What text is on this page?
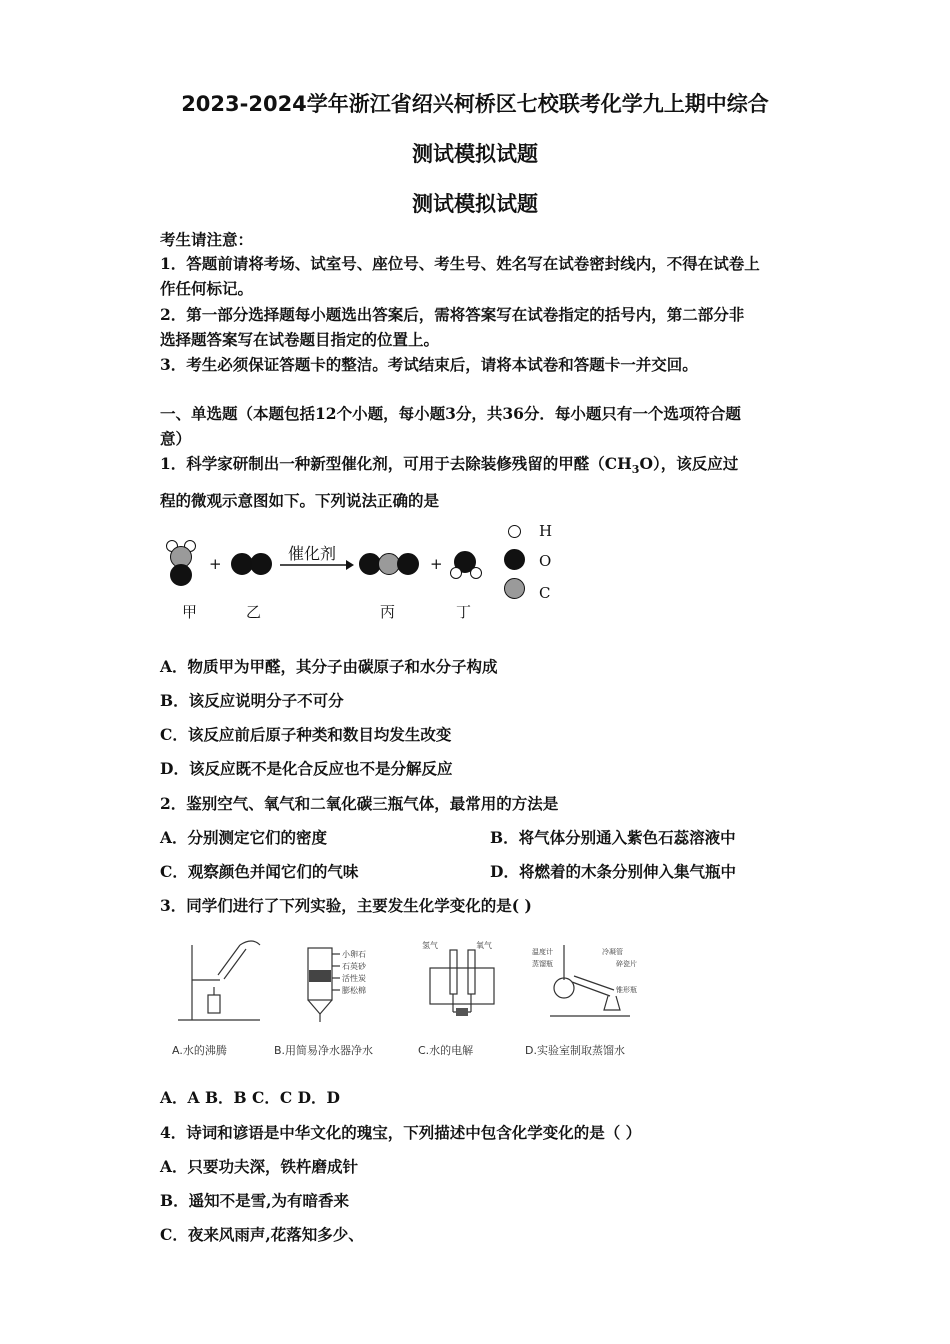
2023-2024学年浙江省绍兴柯桥区七校联考化学九上期中综合
测试模拟试题
测试模拟试题
考生请注意：
1．答题前请将考场、试室号、座位号、考生号、姓名写在试卷密封线内，不得在试卷上
作任何标记。
2．第一部分选择题每小题选出答案后，需将答案写在试卷指定的括号内，第二部分非
选择题答案写在试卷题目指定的位置上。
3．考生必须保证答题卡的整洁。考试结束后，请将本试卷和答题卡一并交回。
一、单选题（本题包括12个小题，每小题3分，共36分．每小题只有一个选项符合题
意）
1．科学家研制出一种新型催化剂，可用于去除装修残留的甲醛$(CH_3O)$，该反应过
程的微观示意图如下。下列说法正确的是
+
催化剂
+
H
O
C
甲	乙	丙	丁
A．物质甲为甲醛，其分子由碳原子和水分子构成
B．该反应说明分子不可分
C．该反应前后原子种类和数目均发生改变
D．该反应既不是化合反应也不是分解反应
2．鉴别空气、氧气和二氧化碳三瓶气体，最常用的方法是
A．分别测定它们的密度	B．将气体分别通入紫色石蕊溶液中
C．观察颜色并闻它们的气味	D．将燃着的木条分别伸入集气瓶中
3．同学们进行了下列实验，主要发生化学变化的是( )
小卵石
石英砂
活性炭
膨松棉
氢气	氧气
温度计
蒸馏瓶
冷凝管
碎瓷片
锥形瓶
A.水的沸腾	B.用简易净水器净水	C.水的电解	D.实验室制取蒸馏水
A．A B．B C．C D．D
4．诗词和谚语是中华文化的瑰宝，下列描述中包含化学变化的是（ ）
A．只要功夫深，铁杵磨成针
B．遥知不是雪,为有暗香来
C．夜来风雨声,花落知多少、
